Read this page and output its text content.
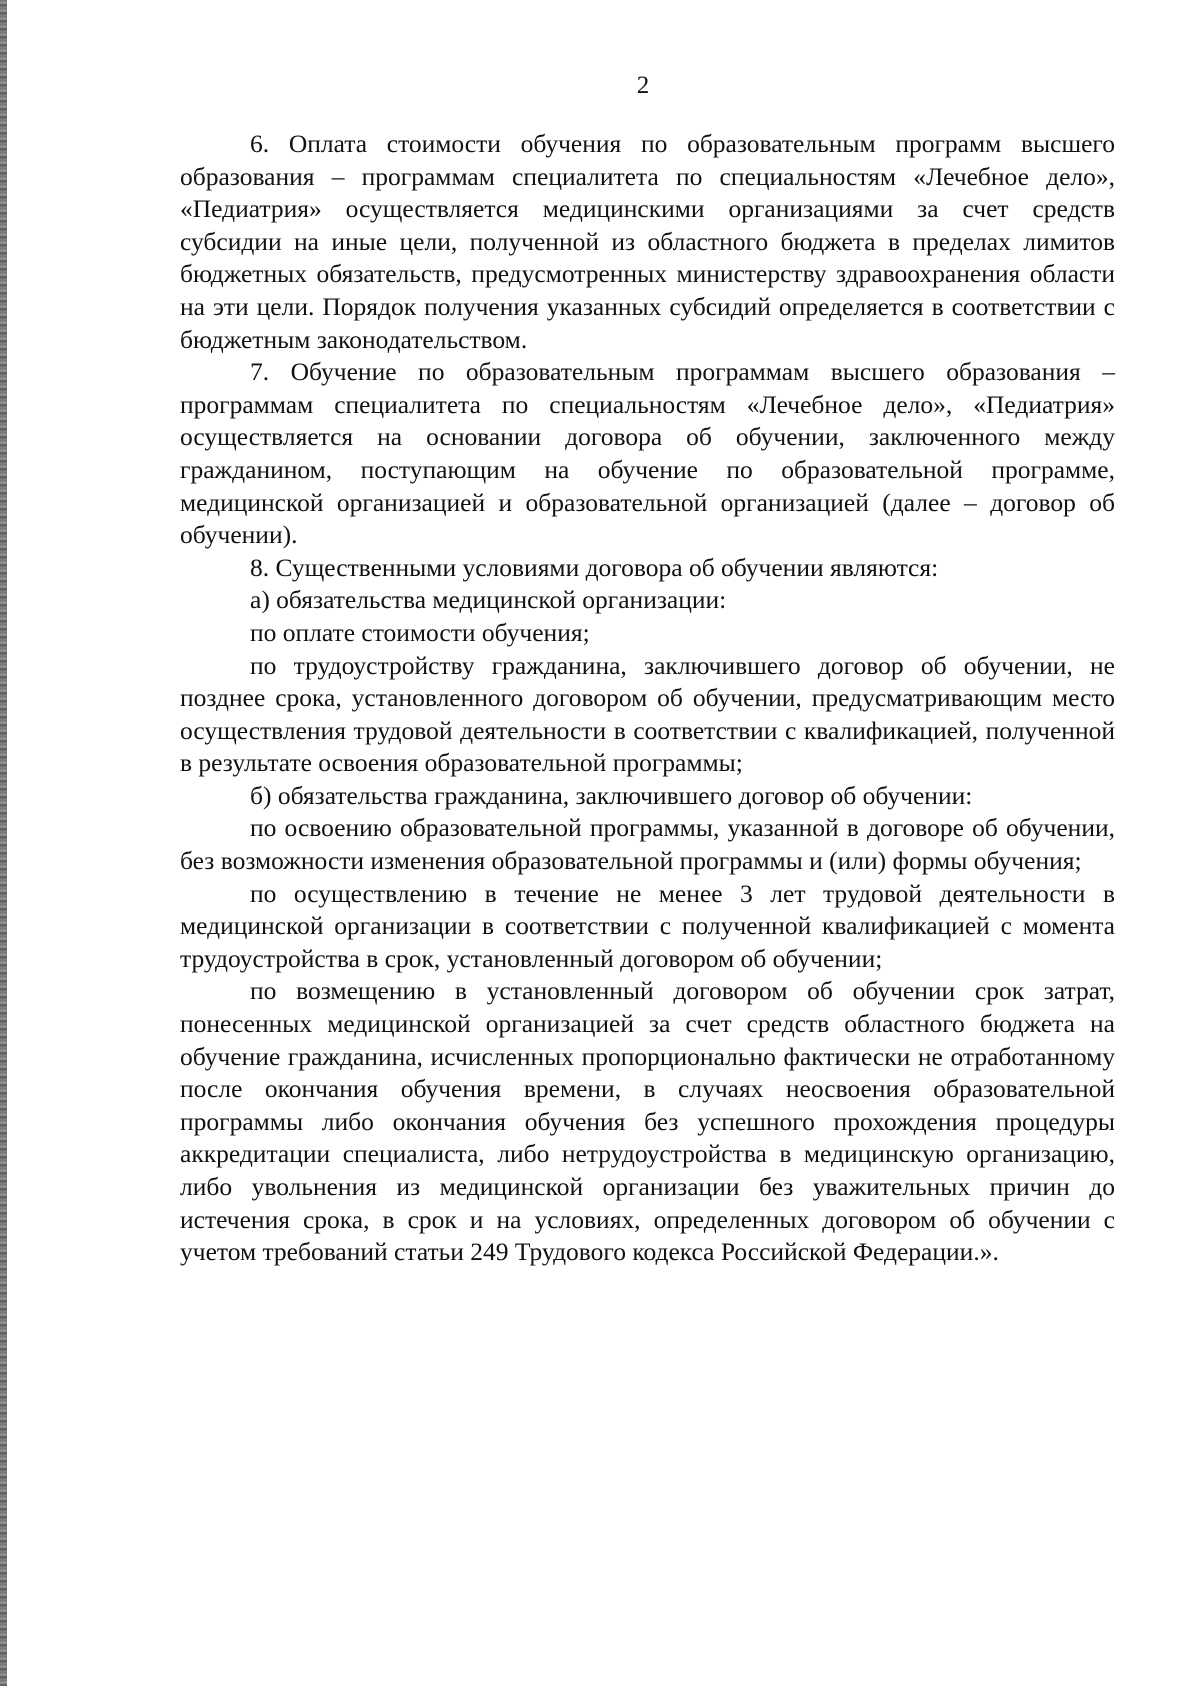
2

6. Оплата стоимости обучения по образовательным программ высшего образования – программам специалитета по специальностям «Лечебное дело», «Педиатрия» осуществляется медицинскими организациями за счет средств субсидии на иные цели, полученной из областного бюджета в пределах лимитов бюджетных обязательств, предусмотренных министерству здравоохранения области на эти цели. Порядок получения указанных субсидий определяется в соответствии с бюджетным законодательством.

7. Обучение по образовательным программам высшего образования – программам специалитета по специальностям «Лечебное дело», «Педиатрия» осуществляется на основании договора об обучении, заключенного между гражданином, поступающим на обучение по образовательной программе, медицинской организацией и образовательной организацией (далее – договор об обучении).

8. Существенными условиями договора об обучении являются:

а) обязательства медицинской организации:

по оплате стоимости обучения;

по трудоустройству гражданина, заключившего договор об обучении, не позднее срока, установленного договором об обучении, предусматривающим место осуществления трудовой деятельности в соответствии с квалификацией, полученной в результате освоения образовательной программы;

б) обязательства гражданина, заключившего договор об обучении:

по освоению образовательной программы, указанной в договоре об обучении, без возможности изменения образовательной программы и (или) формы обучения;

по осуществлению в течение не менее 3 лет трудовой деятельности в медицинской организации в соответствии с полученной квалификацией с момента трудоустройства в срок, установленный договором об обучении;

по возмещению в установленный договором об обучении срок затрат, понесенных медицинской организацией за счет средств областного бюджета на обучение гражданина, исчисленных пропорционально фактически не отработанному после окончания обучения времени, в случаях неосвоения образовательной программы либо окончания обучения без успешного прохождения процедуры аккредитации специалиста, либо нетрудоустройства в медицинскую организацию, либо увольнения из медицинской организации без уважительных причин до истечения срока, в срок и на условиях, определенных договором об обучении с учетом требований статьи 249 Трудового кодекса Российской Федерации.».
